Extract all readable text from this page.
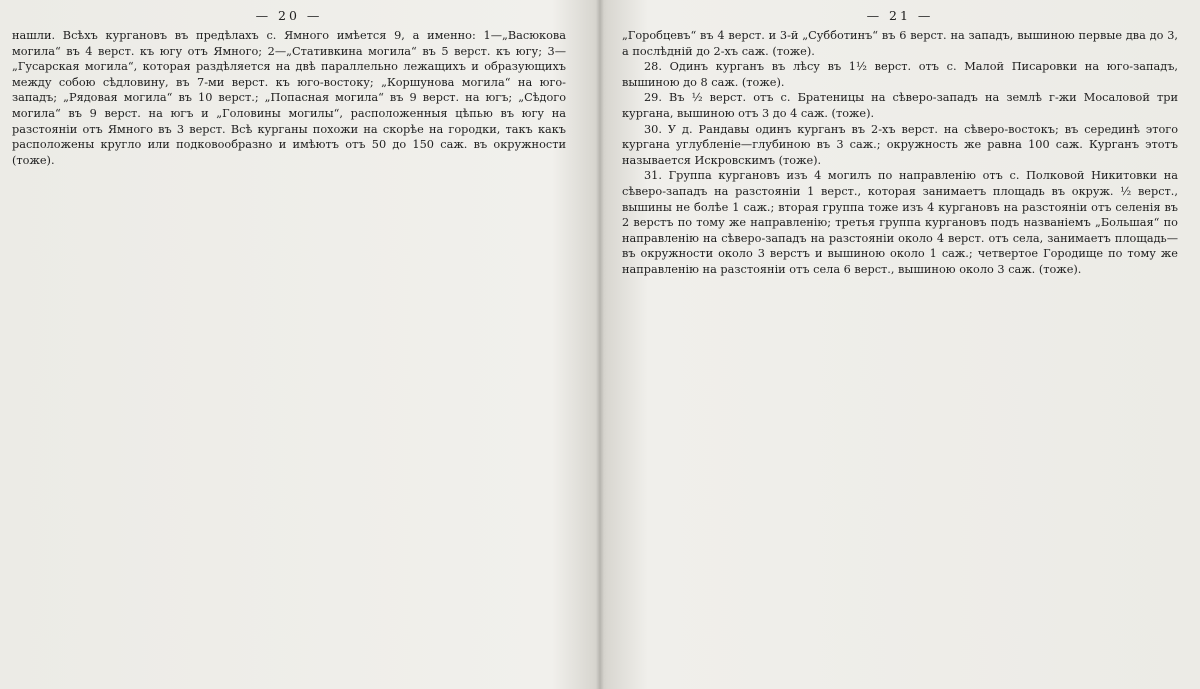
— 20 —

нашли. Всѣхъ кургановъ въ предѣлахъ с. Ямного имѣется 9, а именно: 1—„Васюкова могила“ въ 4 верст. къ югу отъ Ямного; 2—„Стативкина могила“ въ 5 верст. къ югу; 3—„Гусарская могила“, которая раздѣляется на двѣ параллельно лежащихъ и образующихъ между собою сѣдловину, въ 7-ми верст. къ юго-востоку; „Коршунова могила“ на юго-западъ; „Рядовая могила“ въ 10 верст.; „Попасная могила“ въ 9 верст. на югъ; „Сѣдого могила“ въ 9 верст. на югъ и „Головины могилы“, расположенныя цѣпью въ югу на разстояніи отъ Ямного въ 3 верст. Всѣ курганы похожи на скорѣе на городки, такъ какъ расположены кругло или подковообразно и имѣютъ отъ 50 до 150 саж. въ окружности (тоже).

— 21 —

„Горобцевъ“ въ 4 верст. и 3-й „Субботинъ“ въ 6 верст. на западъ, вышиною первые два до 3, а послѣдній до 2-хъ саж. (тоже).

28. Одинъ курганъ въ лѣсу въ 1½ верст. отъ с. Малой Писаровки на юго-западъ, вышиною до 8 саж. (тоже).

29. Въ ½ верст. отъ с. Братеницы на сѣверо-западъ на землѣ г-жи Мосаловой три кургана, вышиною отъ 3 до 4 саж. (тоже).

30. У д. Рандавы одинъ курганъ въ 2-хъ верст. на сѣверо-востокъ; въ серединѣ этого кургана углубленіе—глубиною въ 3 саж.; окружность же равна 100 саж. Курганъ этотъ называется Искровскимъ (тоже).

31. Группа кургановъ изъ 4 могилъ по направленію отъ с. Полковой Никитовки на сѣверо-западъ на разстояніи 1 верст., которая занимаетъ площадь въ окруж. ½ верст., вышины не болѣе 1 саж.; вторая группа тоже изъ 4 кургановъ на разстояніи отъ селенія въ 2 верстъ по тому же направленію; третья группа кургановъ подъ названіемъ „Большая“ по направленію на сѣверо-западъ на разстояніи около 4 верст. отъ села, занимаетъ площадь—въ окружности около 3 верстъ и вышиною около 1 саж.; четвертое Городище по тому же направленію на разстояніи отъ села 6 верст., вышиною около 3 саж. (тоже).
